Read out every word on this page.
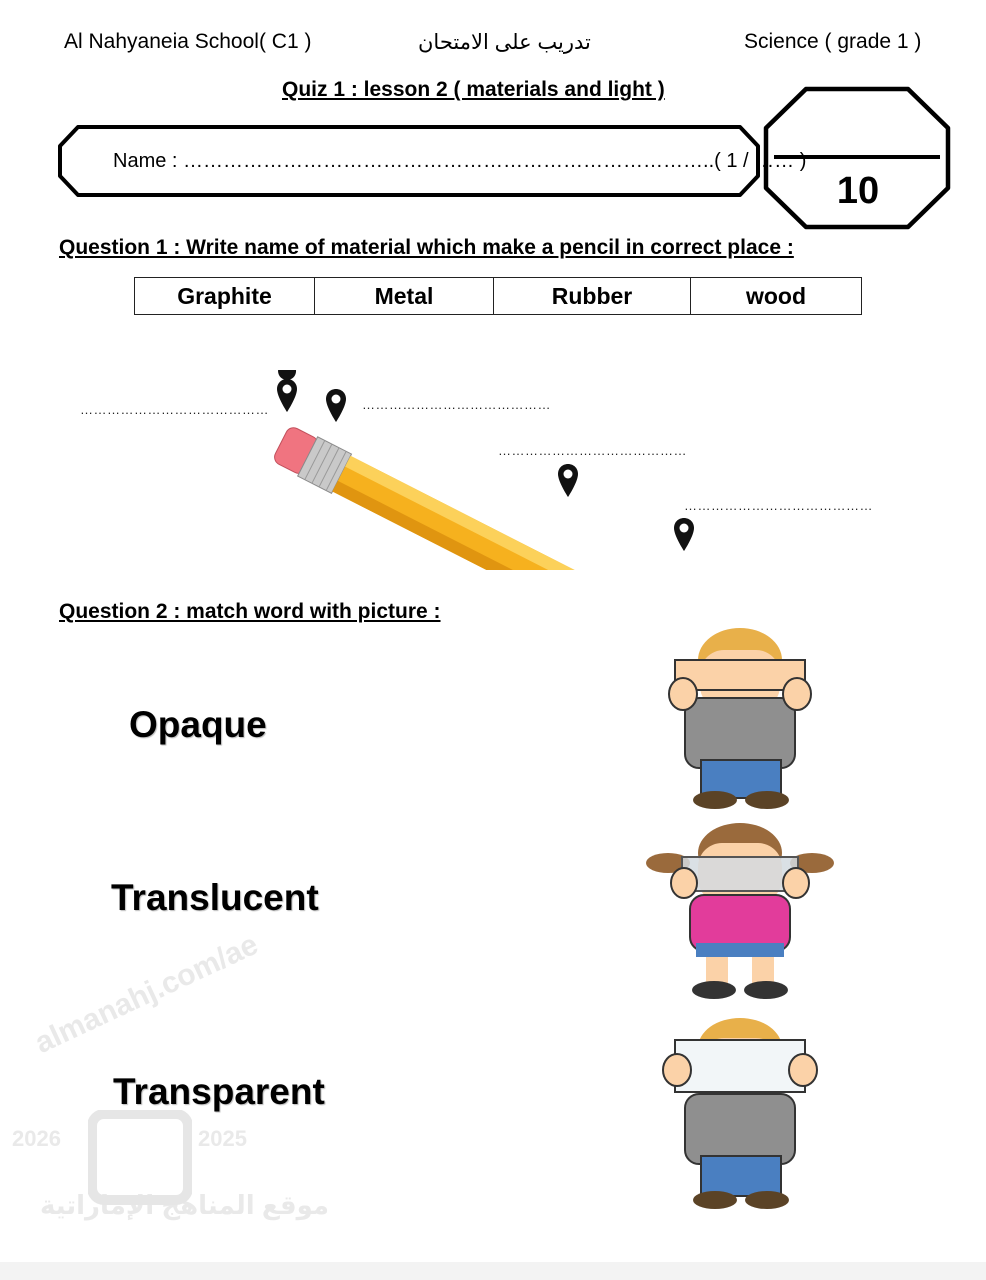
Al Nahyaneia School( C1 )	تدريب على الامتحان	Science ( grade 1 )
Quiz 1 : lesson 2 ( materials and light )
Name : ……………………………………………………………………..( 1 / …… )
10
Question 1 : Write name of material which make a pencil in correct place :
Graphite	Metal	Rubber	wood
……………………………………	……………………………………
……………………………………
……………………………………
Question 2 : match word with picture :
Opaque
Translucent
Transparent
almanahj.com/ae
2026	2025
موقع المناهج الإماراتية
